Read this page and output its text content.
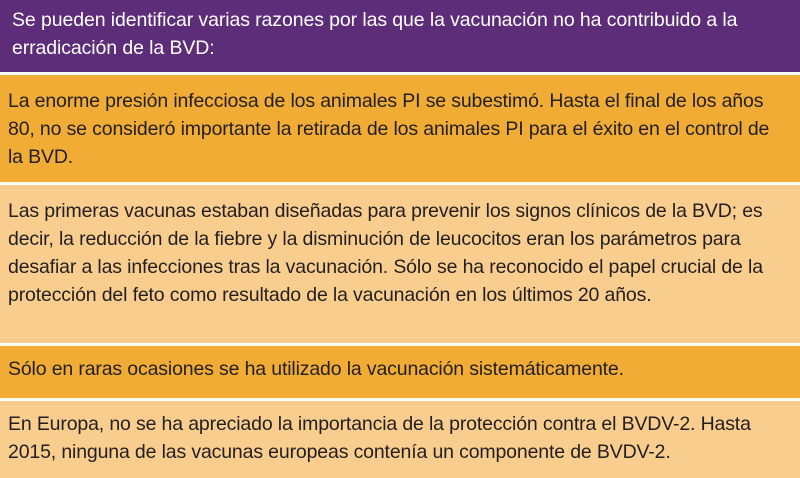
Se pueden identificar varias razones por las que la vacunación no ha contribuido a la erradicación de la BVD:

La enorme presión infecciosa de los animales PI se subestimó. Hasta el final de los años 80, no se consideró importante la retirada de los animales PI para el éxito en el control de la BVD.

Las primeras vacunas estaban diseñadas para prevenir los signos clínicos de la BVD; es decir, la reducción de la fiebre y la disminución de leucocitos eran los parámetros para desafiar a las infecciones tras la vacunación. Sólo se ha reconocido el papel crucial de la protección del feto como resultado de la vacunación en los últimos 20 años.

Sólo en raras ocasiones se ha utilizado la vacunación sistemáticamente.

En Europa, no se ha apreciado la importancia de la protección contra el BVDV-2. Hasta 2015, ninguna de las vacunas europeas contenía un componente de BVDV-2.
